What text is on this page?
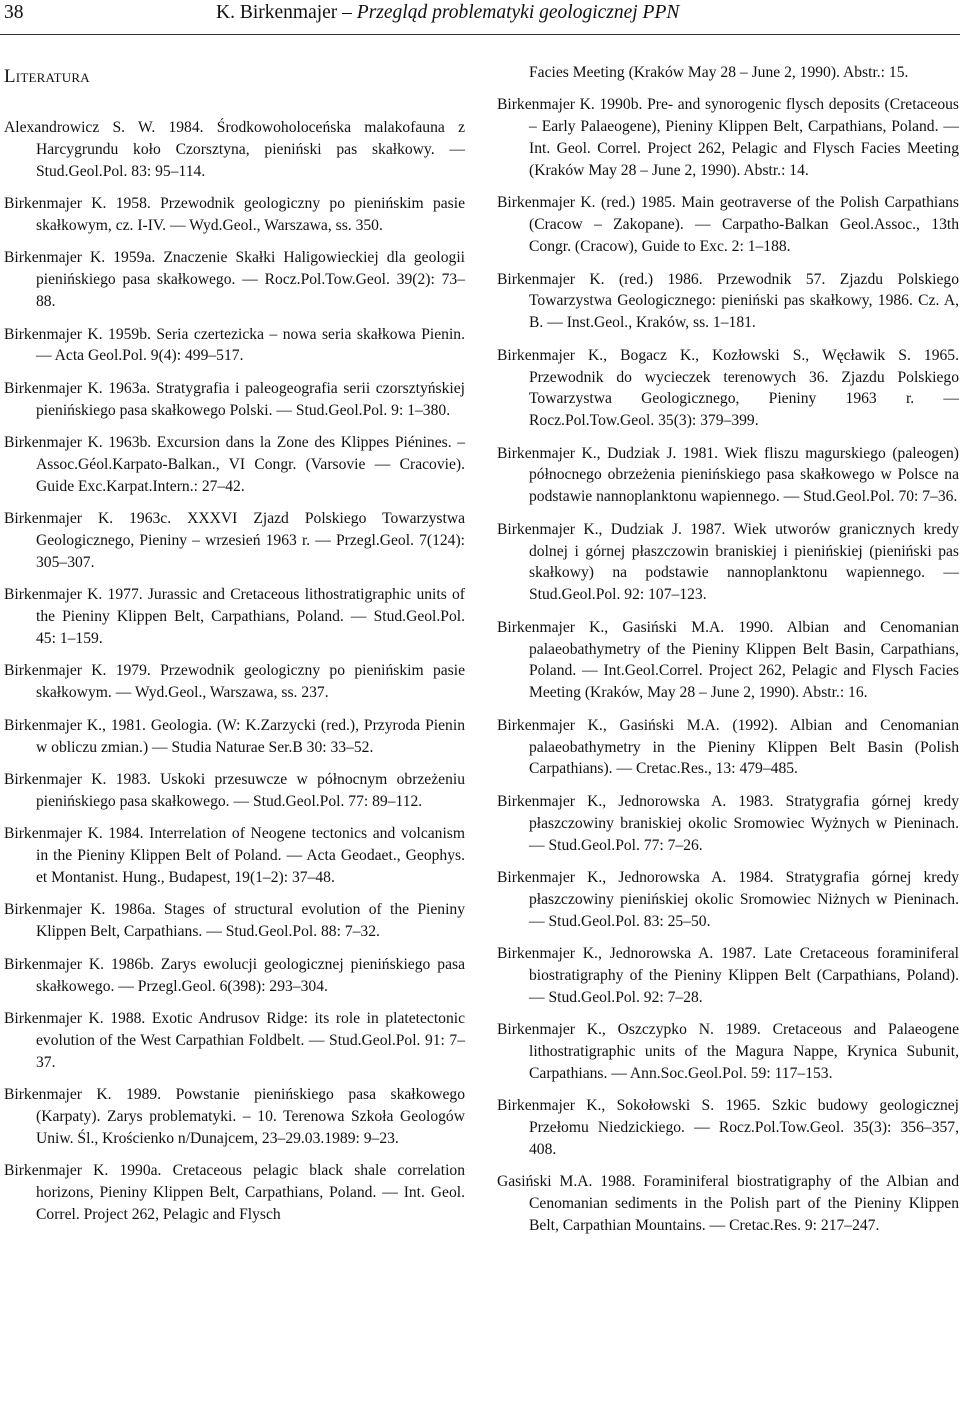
38	K. Birkenmajer – Przegląd problematyki geologicznej PPN
Literatura
Alexandrowicz S. W. 1984. Środkowoholoceńska malakofauna z Harcygrundu koło Czorsztyna, pieniński pas skałkowy. — Stud.Geol.Pol. 83: 95–114.
Birkenmajer K. 1958. Przewodnik geologiczny po pienińskim pasie skałkowym, cz. I-IV. — Wyd.Geol., Warszawa, ss. 350.
Birkenmajer K. 1959a. Znaczenie Skałki Haligowieckiej dla geologii pienińskiego pasa skałkowego. — Rocz.Pol.Tow.Geol. 39(2): 73–88.
Birkenmajer K. 1959b. Seria czertezicka – nowa seria skałkowa Pienin. — Acta Geol.Pol. 9(4): 499–517.
Birkenmajer K. 1963a. Stratygrafia i paleogeografia serii czorsztyńskiej pienińskiego pasa skałkowego Polski. — Stud.Geol.Pol. 9: 1–380.
Birkenmajer K. 1963b. Excursion dans la Zone des Klippes Piénines. – Assoc.Géol.Karpato-Balkan., VI Congr. (Varsovie — Cracovie). Guide Exc.Karpat.Intern.: 27–42.
Birkenmajer K. 1963c. XXXVI Zjazd Polskiego Towarzystwa Geologicznego, Pieniny – wrzesień 1963 r. — Przegl.Geol. 7(124): 305–307.
Birkenmajer K. 1977. Jurassic and Cretaceous lithostratigraphic units of the Pieniny Klippen Belt, Carpathians, Poland. — Stud.Geol.Pol. 45: 1–159.
Birkenmajer K. 1979. Przewodnik geologiczny po pienińskim pasie skałkowym. — Wyd.Geol., Warszawa, ss. 237.
Birkenmajer K., 1981. Geologia. (W: K.Zarzycki (red.), Przyroda Pienin w obliczu zmian.) — Studia Naturae Ser.B 30: 33–52.
Birkenmajer K. 1983. Uskoki przesuwcze w północnym obrzeżeniu pienińskiego pasa skałkowego. — Stud.Geol.Pol. 77: 89–112.
Birkenmajer K. 1984. Interrelation of Neogene tectonics and volcanism in the Pieniny Klippen Belt of Poland. — Acta Geodaet., Geophys. et Montanist. Hung., Budapest, 19(1–2): 37–48.
Birkenmajer K. 1986a. Stages of structural evolution of the Pieniny Klippen Belt, Carpathians. — Stud.Geol.Pol. 88: 7–32.
Birkenmajer K. 1986b. Zarys ewolucji geologicznej pienińskiego pasa skałkowego. — Przegl.Geol. 6(398): 293–304.
Birkenmajer K. 1988. Exotic Andrusov Ridge: its role in platetectonic evolution of the West Carpathian Foldbelt. — Stud.Geol.Pol. 91: 7–37.
Birkenmajer K. 1989. Powstanie pienińskiego pasa skałkowego (Karpaty). Zarys problematyki. – 10. Terenowa Szkoła Geologów Uniw. Śl., Krościenko n/Dunajcem, 23–29.03.1989: 9–23.
Birkenmajer K. 1990a. Cretaceous pelagic black shale correlation horizons, Pieniny Klippen Belt, Carpathians, Poland. — Int. Geol. Correl. Project 262, Pelagic and Flysch
Facies Meeting (Kraków May 28 – June 2, 1990). Abstr.: 15.
Birkenmajer K. 1990b. Pre- and synorogenic flysch deposits (Cretaceous – Early Palaeogene), Pieniny Klippen Belt, Carpathians, Poland. — Int. Geol. Correl. Project 262, Pelagic and Flysch Facies Meeting (Kraków May 28 – June 2, 1990). Abstr.: 14.
Birkenmajer K. (red.) 1985. Main geotraverse of the Polish Carpathians (Cracow – Zakopane). — Carpatho-Balkan Geol.Assoc., 13th Congr. (Cracow), Guide to Exc. 2: 1–188.
Birkenmajer K. (red.) 1986. Przewodnik 57. Zjazdu Polskiego Towarzystwa Geologicznego: pieniński pas skałkowy, 1986. Cz. A, B. — Inst.Geol., Kraków, ss. 1–181.
Birkenmajer K., Bogacz K., Kozłowski S., Węcławik S. 1965. Przewodnik do wycieczek terenowych 36. Zjazdu Polskiego Towarzystwa Geologicznego, Pieniny 1963 r. — Rocz.Pol.Tow.Geol. 35(3): 379–399.
Birkenmajer K., Dudziak J. 1981. Wiek fliszu magurskiego (paleogen) północnego obrzeżenia pienińskiego pasa skałkowego w Polsce na podstawie nannoplanktonu wapiennego. — Stud.Geol.Pol. 70: 7–36.
Birkenmajer K., Dudziak J. 1987. Wiek utworów granicznych kredy dolnej i górnej płaszczowin braniskiej i pienińskiej (pieniński pas skałkowy) na podstawie nannoplanktonu wapiennego. — Stud.Geol.Pol. 92: 107–123.
Birkenmajer K., Gasiński M.A. 1990. Albian and Cenomanian palaeobathymetry of the Pieniny Klippen Belt Basin, Carpathians, Poland. — Int.Geol.Correl. Project 262, Pelagic and Flysch Facies Meeting (Kraków, May 28 – June 2, 1990). Abstr.: 16.
Birkenmajer K., Gasiński M.A. (1992). Albian and Cenomanian palaeobathymetry in the Pieniny Klippen Belt Basin (Polish Carpathians). — Cretac.Res., 13: 479–485.
Birkenmajer K., Jednorowska A. 1983. Stratygrafia górnej kredy płaszczowiny braniskiej okolic Sromowiec Wyżnych w Pieninach. — Stud.Geol.Pol. 77: 7–26.
Birkenmajer K., Jednorowska A. 1984. Stratygrafia górnej kredy płaszczowiny pienińskiej okolic Sromowiec Niżnych w Pieninach. — Stud.Geol.Pol. 83: 25–50.
Birkenmajer K., Jednorowska A. 1987. Late Cretaceous foraminiferal biostratigraphy of the Pieniny Klippen Belt (Carpathians, Poland). — Stud.Geol.Pol. 92: 7–28.
Birkenmajer K., Oszczypko N. 1989. Cretaceous and Palaeogene lithostratigraphic units of the Magura Nappe, Krynica Subunit, Carpathians. — Ann.Soc.Geol.Pol. 59: 117–153.
Birkenmajer K., Sokołowski S. 1965. Szkic budowy geologicznej Przełomu Niedzickiego. — Rocz.Pol.Tow.Geol. 35(3): 356–357, 408.
Gasiński M.A. 1988. Foraminiferal biostratigraphy of the Albian and Cenomanian sediments in the Polish part of the Pieniny Klippen Belt, Carpathian Mountains. — Cretac.Res. 9: 217–247.
